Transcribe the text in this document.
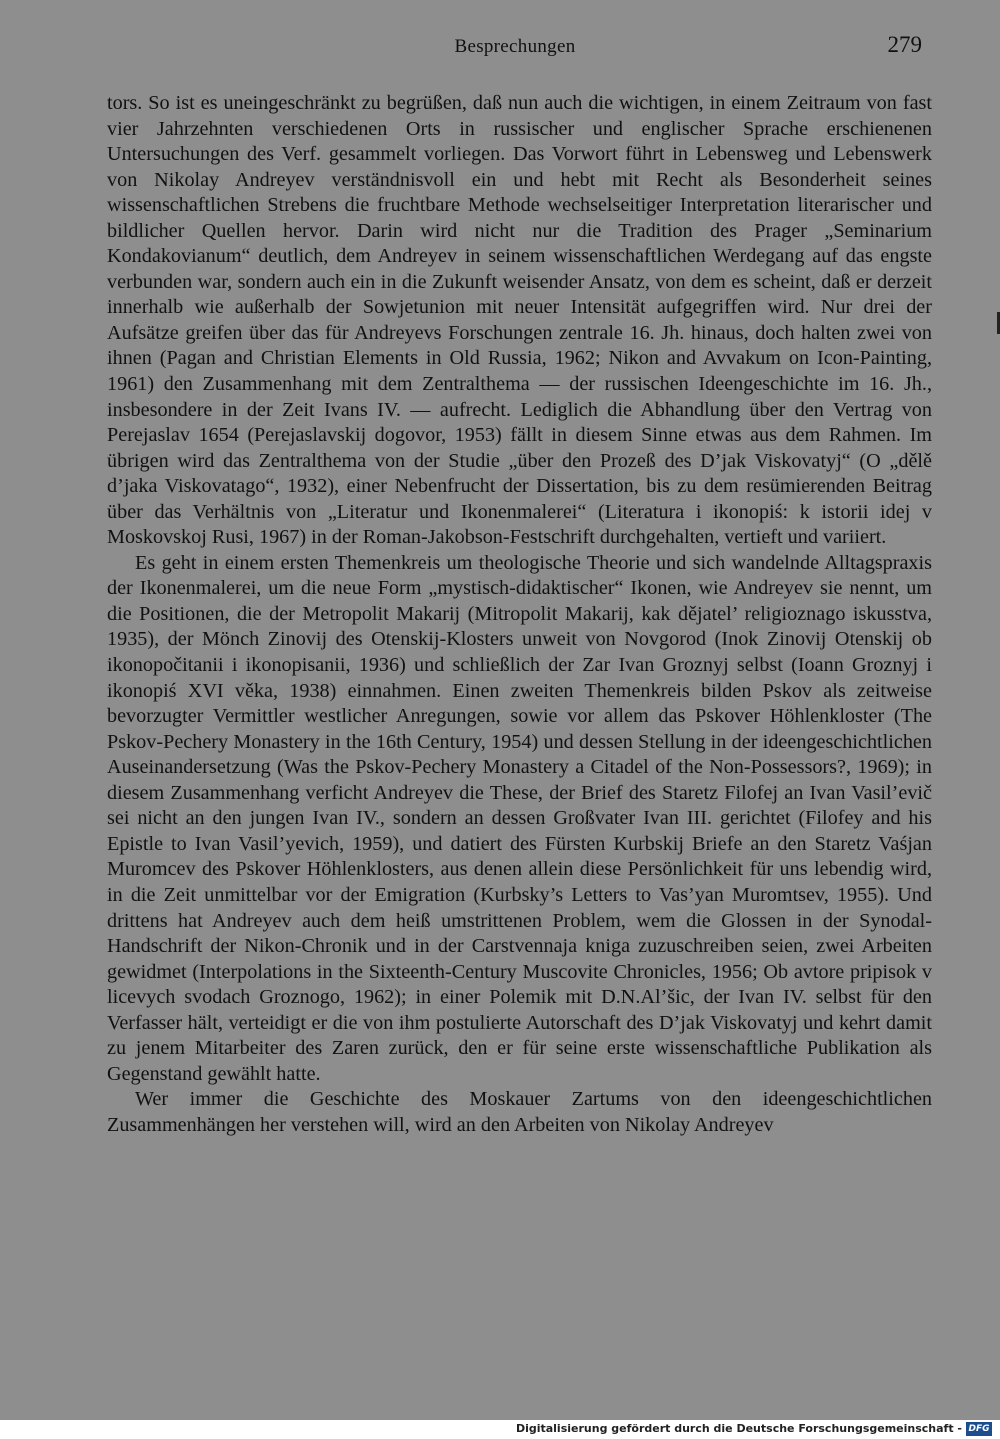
Besprechungen	279

tors. So ist es uneingeschränkt zu begrüßen, daß nun auch die wichtigen, in einem Zeitraum von fast vier Jahrzehnten verschiedenen Orts in russischer und englischer Sprache erschienenen Untersuchungen des Verf. gesammelt vorliegen. Das Vorwort führt in Lebensweg und Lebenswerk von Nikolay Andreyev verständnisvoll ein und hebt mit Recht als Besonderheit seines wissenschaftlichen Strebens die fruchtbare Methode wechselseitiger Interpretation literarischer und bildlicher Quellen hervor. Darin wird nicht nur die Tradition des Prager „Seminarium Kondakovianum“ deutlich, dem Andreyev in seinem wissenschaftlichen Werdegang auf das engste verbunden war, sondern auch ein in die Zukunft weisender Ansatz, von dem es scheint, daß er derzeit innerhalb wie außerhalb der Sowjetunion mit neuer Intensität aufgegriffen wird. Nur drei der Aufsätze greifen über das für Andreyevs Forschungen zentrale 16. Jh. hinaus, doch halten zwei von ihnen (Pagan and Christian Elements in Old Russia, 1962; Nikon and Avvakum on Icon-Painting, 1961) den Zusammenhang mit dem Zentralthema — der russischen Ideengeschichte im 16. Jh., insbesondere in der Zeit Ivans IV. — aufrecht. Lediglich die Abhandlung über den Vertrag von Perejaslav 1654 (Perejaslavskij dogovor, 1953) fällt in diesem Sinne etwas aus dem Rahmen. Im übrigen wird das Zentralthema von der Studie „über den Prozeß des D’jak Viskovatyj“ (O „dělě d’jaka Viskovatago“, 1932), einer Nebenfrucht der Dissertation, bis zu dem resümierenden Beitrag über das Verhältnis von „Literatur und Ikonenmalerei“ (Literatura i ikonopiś: k istorii idej v Moskovskoj Rusi, 1967) in der Roman-Jakobson-Festschrift durchgehalten, vertieft und variiert.

Es geht in einem ersten Themenkreis um theologische Theorie und sich wandelnde Alltagspraxis der Ikonenmalerei, um die neue Form „mystisch-didaktischer“ Ikonen, wie Andreyev sie nennt, um die Positionen, die der Metropolit Makarij (Mitropolit Makarij, kak dějatel’ religioznago iskusstva, 1935), der Mönch Zinovij des Otenskij-Klosters unweit von Novgorod (Inok Zinovij Otenskij ob ikonopočitanii i ikonopisanii, 1936) und schließlich der Zar Ivan Groznyj selbst (Ioann Groznyj i ikonopiś XVI věka, 1938) einnahmen. Einen zweiten Themenkreis bilden Pskov als zeitweise bevorzugter Vermittler westlicher Anregungen, sowie vor allem das Pskover Höhlenkloster (The Pskov-Pechery Monastery in the 16th Century, 1954) und dessen Stellung in der ideengeschichtlichen Auseinandersetzung (Was the Pskov-Pechery Monastery a Citadel of the Non-Possessors?, 1969); in diesem Zusammenhang verficht Andreyev die These, der Brief des Staretz Filofej an Ivan Vasil’evič sei nicht an den jungen Ivan IV., sondern an dessen Großvater Ivan III. gerichtet (Filofey and his Epistle to Ivan Vasil’yevich, 1959), und datiert des Fürsten Kurbskij Briefe an den Staretz Vaśjan Muromcev des Pskover Höhlenklosters, aus denen allein diese Persönlichkeit für uns lebendig wird, in die Zeit unmittelbar vor der Emigration (Kurbsky’s Letters to Vas’yan Muromtsev, 1955). Und drittens hat Andreyev auch dem heiß umstrittenen Problem, wem die Glossen in der Synodal-Handschrift der Nikon-Chronik und in der Carstvennaja kniga zuzuschreiben seien, zwei Arbeiten gewidmet (Interpolations in the Sixteenth-Century Muscovite Chronicles, 1956; Ob avtore pripisok v licevych svodach Groznogo, 1962); in einer Polemik mit D.N.Al’šic, der Ivan IV. selbst für den Verfasser hält, verteidigt er die von ihm postulierte Autorschaft des D’jak Viskovatyj und kehrt damit zu jenem Mitarbeiter des Zaren zurück, den er für seine erste wissenschaftliche Publikation als Gegenstand gewählt hatte.

Wer immer die Geschichte des Moskauer Zartums von den ideengeschichtlichen Zusammenhängen her verstehen will, wird an den Arbeiten von Nikolay Andreyev

Digitalisierung gefördert durch die Deutsche Forschungsgemeinschaft - DFG
